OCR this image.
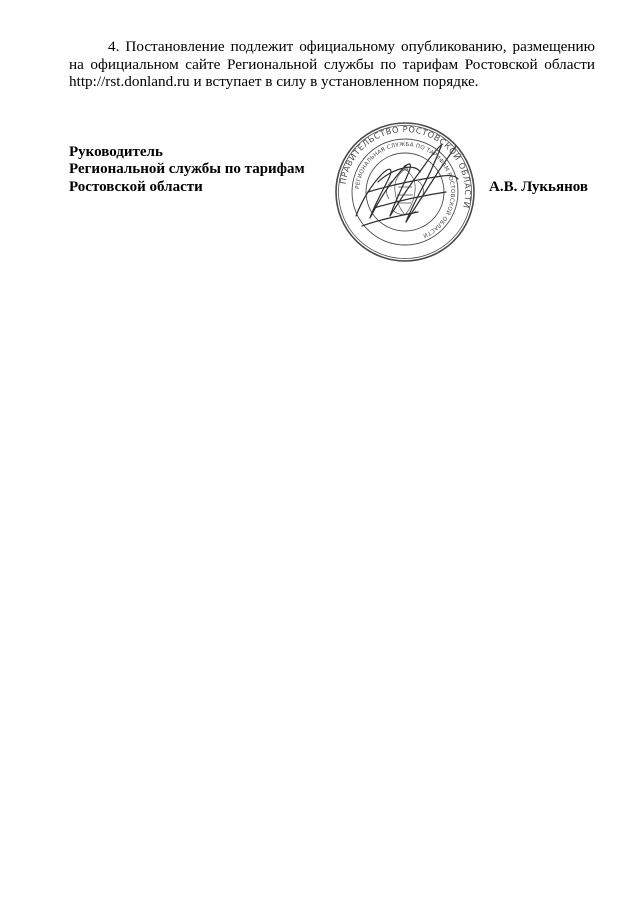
4. Постановление подлежит официальному опубликованию, размещению на официальном сайте Региональной службы по тарифам Ростовской области http://rst.donland.ru и вступает в силу в установленном порядке.

Руководитель
Региональной службы по тарифам
Ростовской области	ПРАВИТЕЛЬСТВО РОСТОВСКОЙ ОБЛАСТИ
РЕГИОНАЛЬНАЯ СЛУЖБА ПО ТАРИФАМ РОСТОВСКОЙ ОБЛАСТИ
А.В. Лукьянов
